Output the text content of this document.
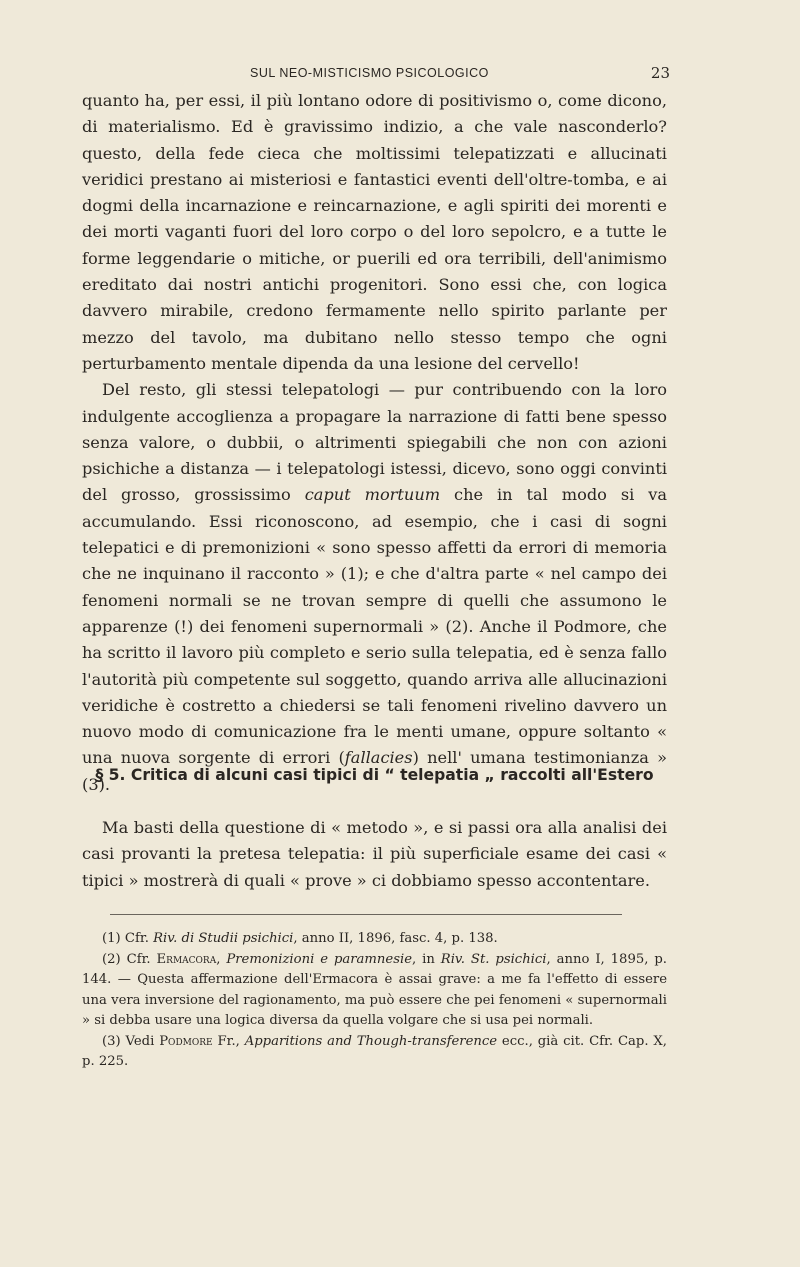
SUL NEO-MISTICISMO PSICOLOGICO	23

quanto ha, per essi, il più lontano odore di positivismo o, come dicono, di materialismo. Ed è gravissimo indizio, a che vale nasconderlo? questo, della fede cieca che moltissimi telepatizzati e allucinati veridici prestano ai misteriosi e fantastici eventi dell'oltre-tomba, e ai dogmi della incarnazione e reincarnazione, e agli spiriti dei morenti e dei morti vaganti fuori del loro corpo o del loro sepolcro, e a tutte le forme leggendarie o mitiche, or puerili ed ora terribili, dell'animismo ereditato dai nostri antichi progenitori. Sono essi che, con logica davvero mirabile, credono fermamente nello spirito parlante per mezzo del tavolo, ma dubitano nello stesso tempo che ogni perturbamento mentale dipenda da una lesione del cervello!

Del resto, gli stessi telepatologi — pur contribuendo con la loro indulgente accoglienza a propagare la narrazione di fatti bene spesso senza valore, o dubbii, o altrimenti spiegabili che non con azioni psichiche a distanza — i telepatologi istessi, dicevo, sono oggi convinti del grosso, grossissimo caput mortuum che in tal modo si va accumulando. Essi riconoscono, ad esempio, che i casi di sogni telepatici e di premonizioni « sono spesso affetti da errori di memoria che ne inquinano il racconto » (1); e che d'altra parte « nel campo dei fenomeni normali se ne trovan sempre di quelli che assumono le apparenze (!) dei fenomeni supernormali » (2). Anche il Podmore, che ha scritto il lavoro più completo e serio sulla telepatia, ed è senza fallo l'autorità più competente sul soggetto, quando arriva alle allucinazioni veridiche è costretto a chiedersi se tali fenomeni rivelino davvero un nuovo modo di comunicazione fra le menti umane, oppure soltanto « una nuova sorgente di errori (fallacies) nell' umana testimonianza » (3).

§ 5. Critica di alcuni casi tipici di “ telepatia „ raccolti all'Estero

Ma basti della questione di « metodo », e si passi ora alla analisi dei casi provanti la pretesa telepatia: il più superficiale esame dei casi « tipici » mostrerà di quali « prove » ci dobbiamo spesso accontentare.

(1) Cfr. Riv. di Studii psichici, anno II, 1896, fasc. 4, p. 138.

(2) Cfr. Ermacora, Premonizioni e paramnesie, in Riv. St. psichici, anno I, 1895, p. 144. — Questa affermazione dell'Ermacora è assai grave: a me fa l'effetto di essere una vera inversione del ragionamento, ma può essere che pei fenomeni « supernormali » si debba usare una logica diversa da quella volgare che si usa pei normali.

(3) Vedi Podmore Fr., Apparitions and Though-transference ecc., già cit. Cfr. Cap. X, p. 225.
